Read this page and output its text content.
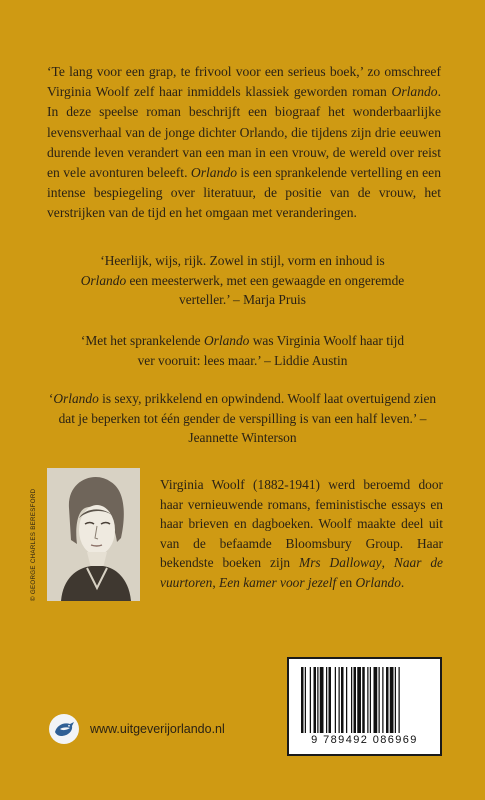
‘Te lang voor een grap, te frivool voor een serieus boek,’ zo omschreef Virginia Woolf zelf haar inmiddels klassiek geworden roman Orlando. In deze speelse roman beschrijft een biograaf het wonderbaarlijke levensverhaal van de jonge dichter Orlando, die tijdens zijn drie eeuwen durende leven verandert van een man in een vrouw, de wereld over reist en vele avonturen beleeft. Orlando is een sprankelende vertelling en een intense bespiegeling over literatuur, de positie van de vrouw, het verstrijken van de tijd en het omgaan met veranderingen.

‘Heerlijk, wijs, rijk. Zowel in stijl, vorm en inhoud is Orlando een meesterwerk, met een gewaagde en ongeremde verteller.’ – Marja Pruis

‘Met het sprankelende Orlando was Virginia Woolf haar tijd ver vooruit: lees maar.’ – Liddie Austin

‘Orlando is sexy, prikkelend en opwindend. Woolf laat overtuigend zien dat je beperken tot één gender de verspilling is van een half leven.’ – Jeannette Winterson

© GEORGE CHARLES BERESFORD

Virginia Woolf (1882-1941) werd beroemd door haar vernieuwende romans, feministische essays en haar brieven en dagboeken. Woolf maakte deel uit van de befaamde Bloomsbury Group. Haar bekendste boeken zijn Mrs Dalloway, Naar de vuurtoren, Een kamer voor jezelf en Orlando.

9 789492 086969
www.uitgeverijorlando.nl
